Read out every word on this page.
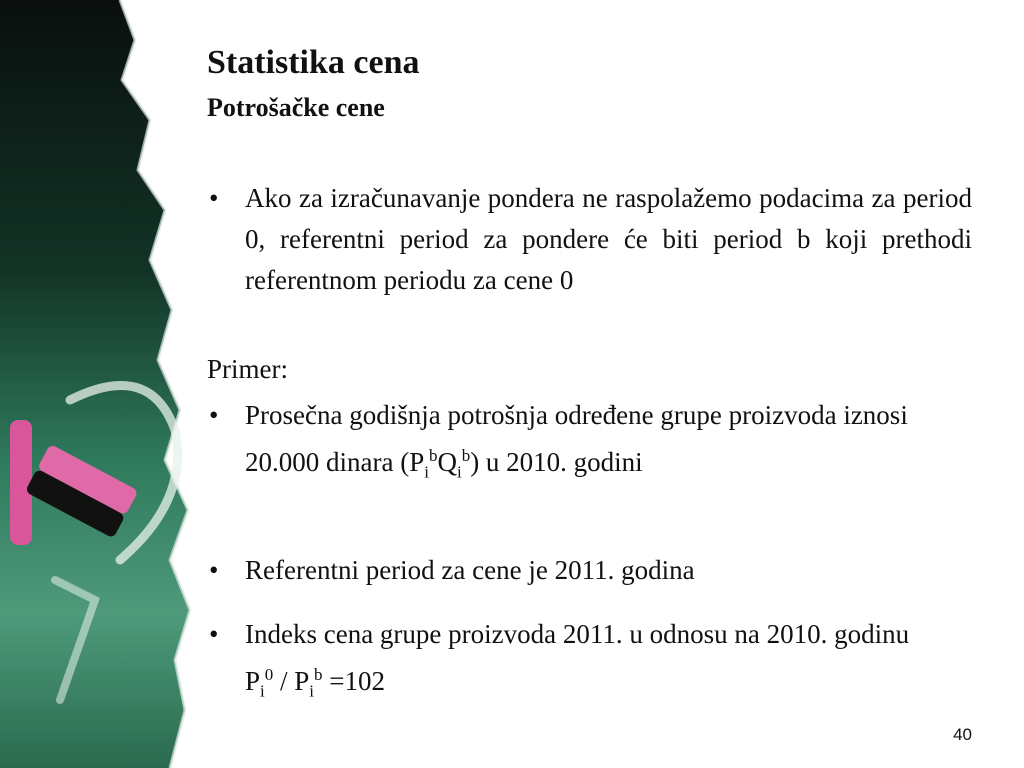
Statistika cena
Potrošačke cene
• Ako za izračunavanje pondera ne raspolažemo podacima za period 0, referentni period za pondere će biti period b koji prethodi referentnom periodu za cene 0
Primer:
• Prosečna godišnja potrošnja određene grupe proizvoda iznosi 20.000 dinara $(P_i^bQ_i^b)$ u 2010. godini
• Referentni period za cene je 2011. godina
• Indeks cena grupe proizvoda 2011. u odnosu na 2010. godinu $P_i^0 / P_i^b =102$
40
